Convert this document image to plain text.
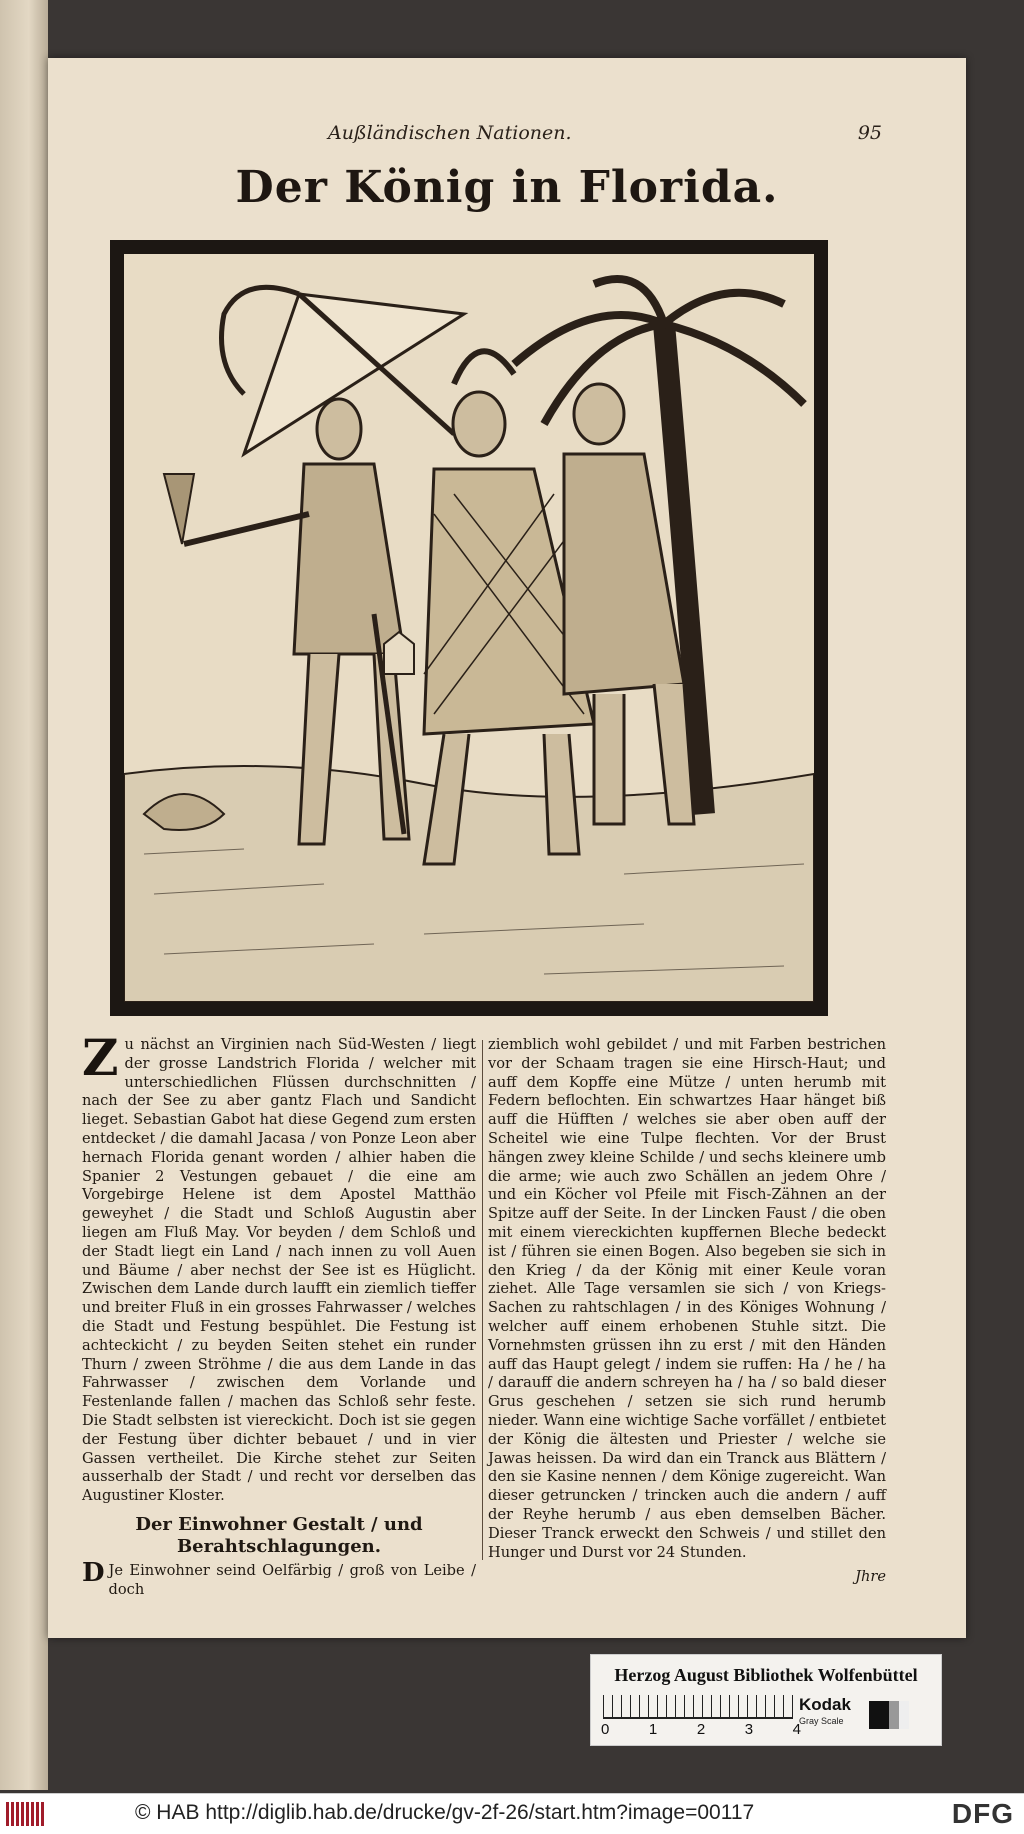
Außländischen Nationen.	95
Der König in Florida.

Zu nächst an Virginien nach Süd-Westen / liegt der grosse Landstrich Florida / welcher mit unterschiedlichen Flüssen durchschnitten / nach der See zu aber gantz Flach und Sandicht lieget. Sebastian Gabot hat diese Gegend zum ersten entdecket / die damahl Jacasa / von Ponze Leon aber hernach Florida genant worden / alhier haben die Spanier 2 Vestungen gebauet / die eine am Vorgebirge Helene ist dem Apostel Matthäo geweyhet / die Stadt und Schloß Augustin aber liegen am Fluß May. Vor beyden / dem Schloß und der Stadt liegt ein Land / nach innen zu voll Auen und Bäume / aber nechst der See ist es Hüglicht. Zwischen dem Lande durch laufft ein ziemlich tieffer und breiter Fluß in ein grosses Fahrwasser / welches die Stadt und Festung bespühlet. Die Festung ist achteckicht / zu beyden Seiten stehet ein runder Thurn / zween Ströhme / die aus dem Lande in das Fahrwasser / zwischen dem Vorlande und Festenlande fallen / machen das Schloß sehr feste. Die Stadt selbsten ist viereckicht. Doch ist sie gegen der Festung über dichter bebauet / und in vier Gassen vertheilet. Die Kirche stehet zur Seiten ausserhalb der Stadt / und recht vor derselben das Augustiner Kloster.

Der Einwohner Gestalt / und Berahtschlagungen.

D Je Einwohner seind Oelfärbig / groß von Leibe / doch

ziemblich wohl gebildet / und mit Farben bestrichen vor der Schaam tragen sie eine Hirsch-Haut; und auff dem Kopffe eine Mütze / unten herumb mit Federn beflochten. Ein schwartzes Haar hänget biß auff die Hüfften / welches sie aber oben auff der Scheitel wie eine Tulpe flechten. Vor der Brust hängen zwey kleine Schilde / und sechs kleinere umb die arme; wie auch zwo Schällen an jedem Ohre / und ein Köcher vol Pfeile mit Fisch-Zähnen an der Spitze auff der Seite. In der Lincken Faust / die oben mit einem viereckichten kupffernen Bleche bedeckt ist / führen sie einen Bogen. Also begeben sie sich in den Krieg / da der König mit einer Keule voran ziehet. Alle Tage versamlen sie sich / von Kriegs-Sachen zu rahtschlagen / in des Königes Wohnung / welcher auff einem erhobenen Stuhle sitzt. Die Vornehmsten grüssen ihn zu erst / mit den Händen auff das Haupt gelegt / indem sie ruffen: Ha / he / ha / darauff die andern schreyen ha / ha / so bald dieser Grus geschehen / setzen sie sich rund herumb nieder. Wann eine wichtige Sache vorfället / entbietet der König die ältesten und Priester / welche sie Jawas heissen. Da wird dan ein Tranck aus Blättern / den sie Kasine nennen / dem Könige zugereicht. Wan dieser getruncken / trincken auch die andern / auff der Reyhe herumb / aus eben demselben Bächer. Dieser Tranck erweckt den Schweis / und stillet den Hunger und Durst vor 24 Stunden.

Jhre
Herzog August Bibliothek Wolfenbüttel
0	1	2	3	4
Kodak
Gray Scale
© HAB http://diglib.hab.de/drucke/gv-2f-26/start.htm?image=00117	DFG
